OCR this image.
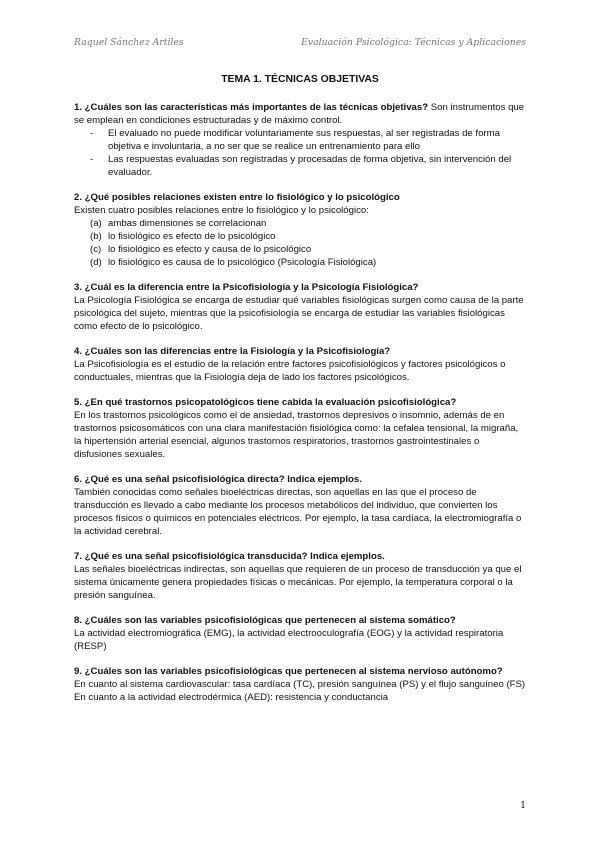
Raquel Sánchez Artiles	Evaluación Psicológica: Técnicas y Aplicaciones
TEMA 1. TÉCNICAS OBJETIVAS

1. ¿Cuáles son las características más importantes de las técnicas objetivas? Son instrumentos que se emplean en condiciones estructuradas y de máximo control.

- El evaluado no puede modificar voluntariamente sus respuestas, al ser registradas de forma objetiva e involuntaria, a no ser que se realice un entrenamiento para ello
- Las respuestas evaluadas son registradas y procesadas de forma objetiva, sin intervención del evaluador.
2. ¿Qué posibles relaciones existen entre lo fisiológico y lo psicológico

Existen cuatro posibles relaciones entre lo fisiológico y lo psicológico:

(a) ambas dimensiones se correlacionan
(b) lo fisiológico es efecto de lo psicológico
(c) lo fisiológico es efecto y causa de lo psicológico
(d) lo fisiológico es causa de lo psicológico (Psicología Fisiológica)
3. ¿Cuál es la diferencia entre la Psicofisiología y la Psicología Fisiológica?

La Psicología Fisiológica se encarga de estudiar qué variables fisiológicas surgen como causa de la parte psicológica del sujeto, mientras que la psicofisiología se encarga de estudiar las variables fisiológicas como efecto de lo psicológico.

4. ¿Cuáles son las diferencias entre la Fisiología y la Psicofisiología?

La Psicofisiología es el estudio de la relación entre factores psicofisiológicos y factores psicológicos o conductuales, mientras que la Fisiología deja de lado los factores psicológicos.

5. ¿En qué trastornos psicopatológicos tiene cabida la evaluación psicofisiológica?

En los trastornos psicológicos como el de ansiedad, trastornos depresivos o insomnio, además de en trastornos psicosomáticos con una clara manifestación fisiológica como: la cefalea tensional, la migraña, la hipertensión arterial esencial, algunos trastornos respiratorios, trastornos gastrointestinales o disfusiones sexuales.

6. ¿Qué es una señal psicofisiológica directa? Indica ejemplos.

También conocidas como señales bioeléctricas directas, son aquellas en las que el proceso de transducción es llevado a cabo mediante los procesos metabólicos del individuo, que convierten los procesos físicos o químicos en potenciales eléctricos. Por ejemplo, la tasa cardíaca, la electromiografía o la actividad cerebral.

7. ¿Qué es una señal psicofisiológica transducida? Indica ejemplos.

Las señales bioeléctricas indirectas, son aquellas que requieren de un proceso de transducción ya que el sistema únicamente genera propiedades físicas o mecánicas. Por ejemplo, la temperatura corporal o la presión sanguínea.

8. ¿Cuáles son las variables psicofisiológicas que pertenecen al sistema somático?

La actividad electromiográfica (EMG), la actividad electrooculografía (EOG) y la actividad respiratoria (RESP)

9. ¿Cuáles son las variables psicofisiológicas que pertenecen al sistema nervioso autónomo?

En cuanto al sistema cardiovascular: tasa cardíaca (TC), presión sanguínea (PS) y el flujo sanguíneo (FS)

En cuanto a la actividad electrodérmica (AED): resistencia y conductancia

1
